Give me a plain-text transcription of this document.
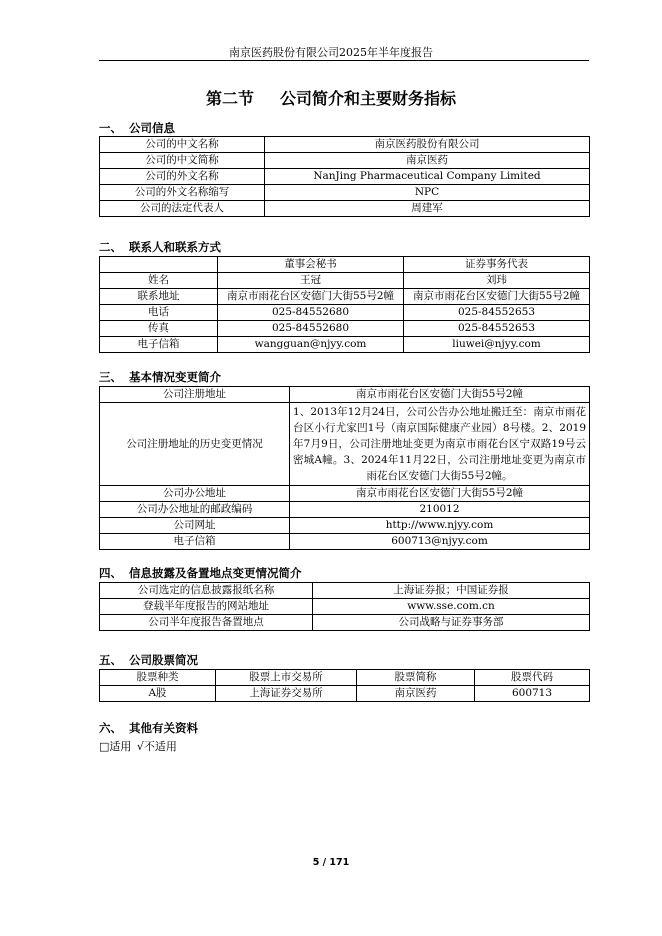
南京医药股份有限公司2025年半年度报告
第二节 公司简介和主要财务指标
一、 公司信息
公司的中文名称	南京医药股份有限公司
公司的中文简称	南京医药
公司的外文名称	NanJing Pharmaceutical Company Limited
公司的外文名称缩写	NPC
公司的法定代表人	周建军
二、 联系人和联系方式
	董事会秘书	证券事务代表
姓名	王冠	刘玮
联系地址	南京市雨花台区安德门大街55号2幢	南京市雨花台区安德门大街55号2幢
电话	025-84552680	025-84552653
传真	025-84552680	025-84552653
电子信箱	wangguan@njyy.com	liuwei@njyy.com
三、 基本情况变更简介
公司注册地址	南京市雨花台区安德门大街55号2幢
公司注册地址的历史变更情况	1、2013年12月24日，公司公告办公地址搬迁至：南京市雨花台区小行尤家凹1号（南京国际健康产业园）8号楼。2、2019年7月9日，公司注册地址变更为南京市雨花台区宁双路19号云密城A幢。3、2024年11月22日，公司注册地址变更为南京市雨花台区安德门大街55号2幢。
公司办公地址	南京市雨花台区安德门大街55号2幢
公司办公地址的邮政编码	210012
公司网址	http://www.njyy.com
电子信箱	600713@njyy.com
四、 信息披露及备置地点变更情况简介
公司选定的信息披露报纸名称	上海证券报；中国证券报
登载半年度报告的网站地址	www.sse.com.cn
公司半年度报告备置地点	公司战略与证券事务部
五、 公司股票简况
股票种类	股票上市交易所	股票简称	股票代码
A股	上海证券交易所	南京医药	600713
六、 其他有关资料
□适用 √不适用
5 / 171
